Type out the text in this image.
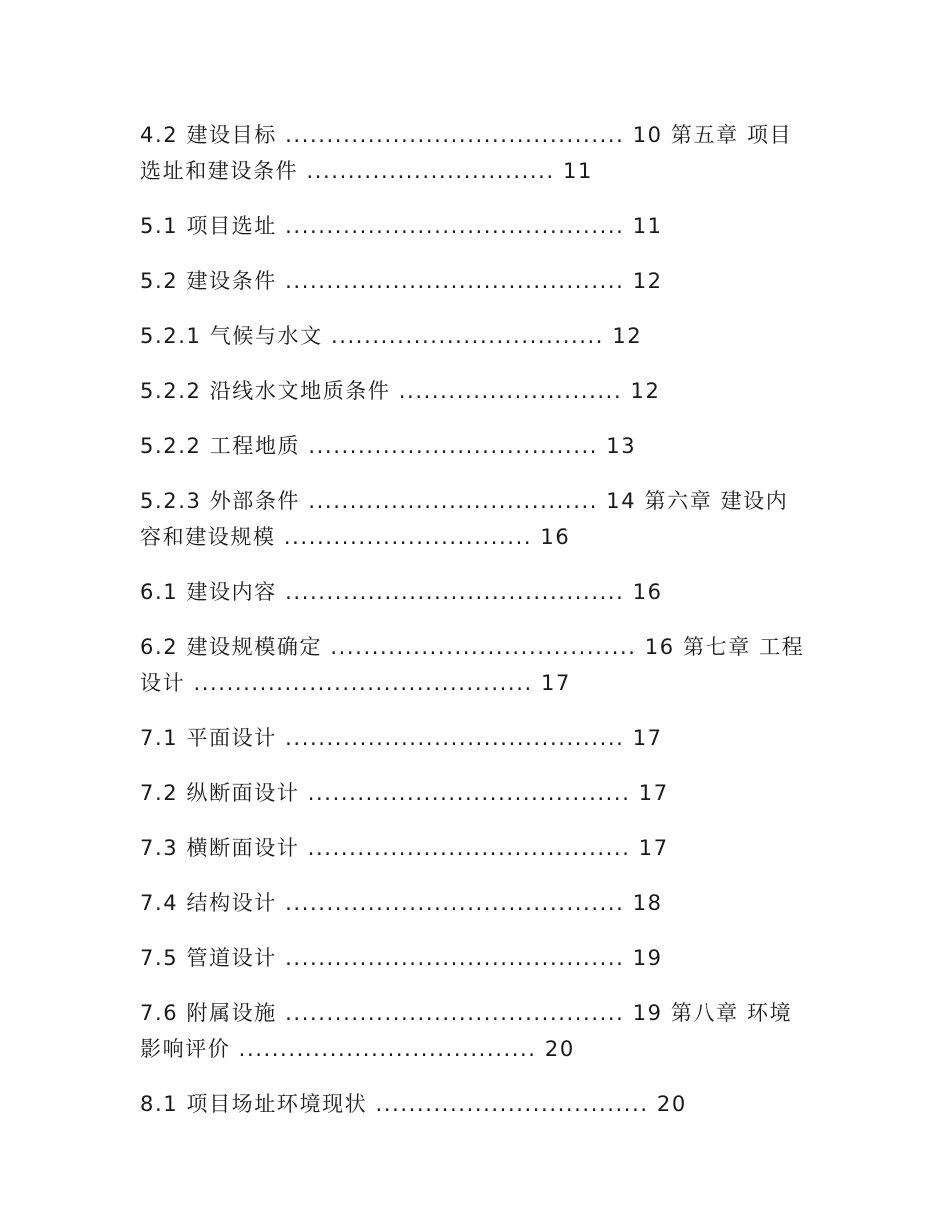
4.2 建设目标 ......................................... 10 第五章 项目选址和建设条件 .............................. 11
5.1 项目选址 ......................................... 11
5.2 建设条件 ......................................... 12
5.2.1 气候与水文 ................................. 12
5.2.2 沿线水文地质条件 ........................... 12
5.2.2 工程地质 ................................... 13
5.2.3 外部条件 ................................... 14 第六章 建设内容和建设规模 .............................. 16
6.1 建设内容 ......................................... 16
6.2 建设规模确定 ..................................... 16 第七章 工程设计 ......................................... 17
7.1 平面设计 ......................................... 17
7.2 纵断面设计 ....................................... 17
7.3 横断面设计 ....................................... 17
7.4 结构设计 ......................................... 18
7.5 管道设计 ......................................... 19
7.6 附属设施 ......................................... 19 第八章 环境影响评价 .................................... 20
8.1 项目场址环境现状 ................................. 20
